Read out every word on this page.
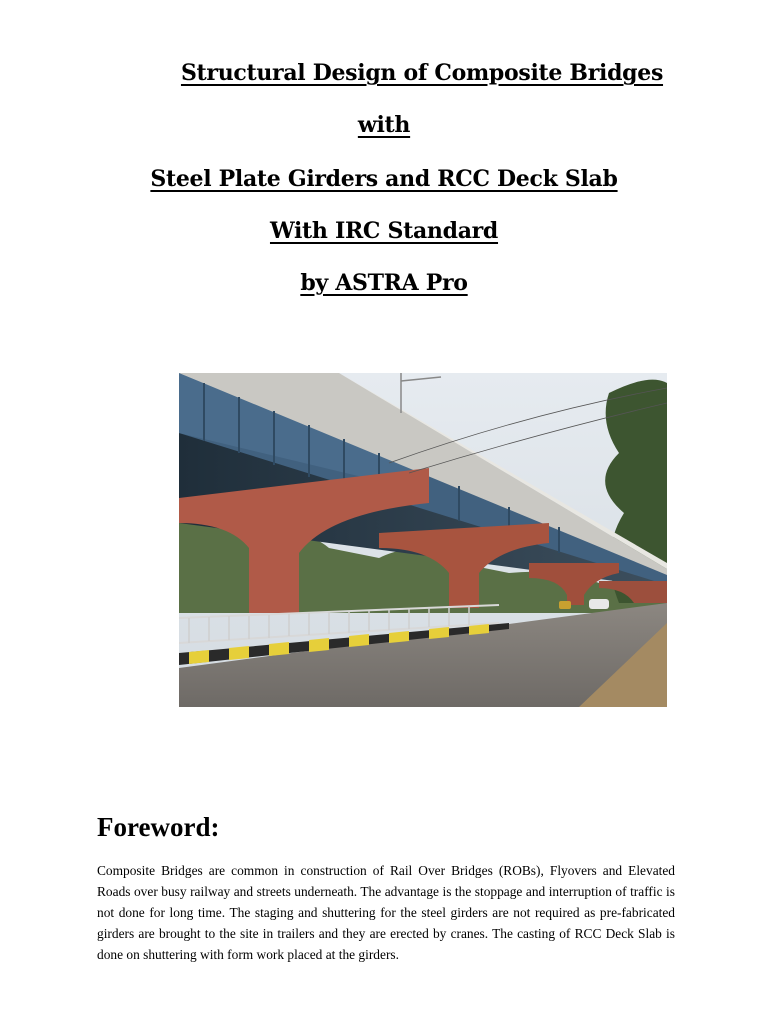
Structural Design of Composite Bridges
with
Steel Plate Girders and RCC Deck Slab
With IRC Standard
by ASTRA Pro
Foreword:
Composite Bridges are common in construction of Rail Over Bridges (ROBs), Flyovers and Elevated Roads over busy railway and streets underneath. The advantage is the stoppage and interruption of traffic is not done for long time. The staging and shuttering for the steel girders are not required as pre-fabricated girders are brought to the site in trailers and they are erected by cranes. The casting of RCC Deck Slab is done on shuttering with form work placed at the girders.
